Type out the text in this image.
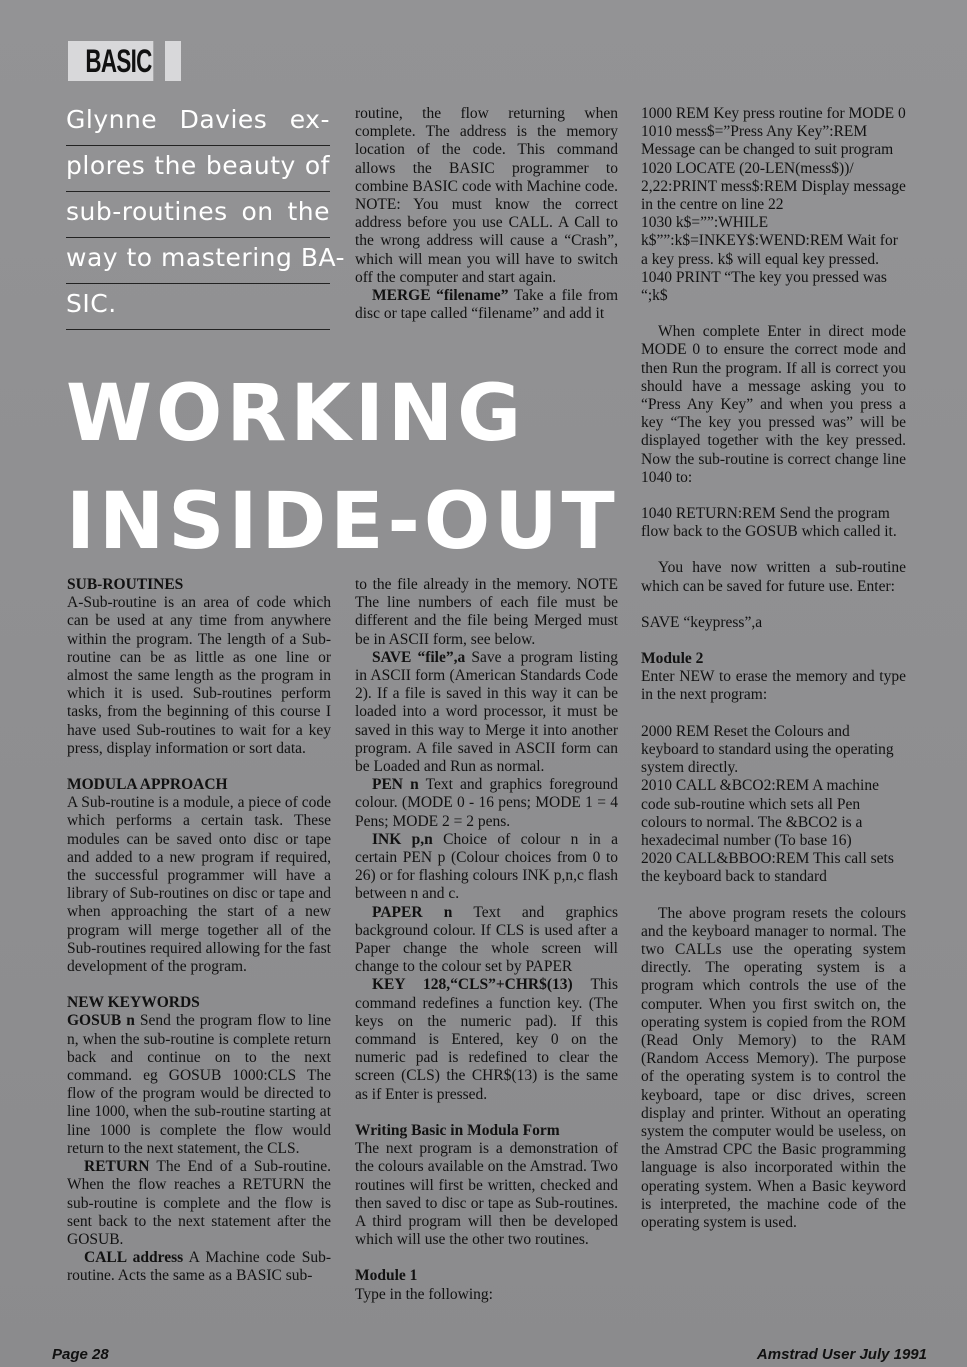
BASIC
Glynne Davies ex-
plores the beauty of
sub-routines on the
way to mastering BA-
SIC.
WORKING
INSIDE-OUT
SUB-ROUTINES

A-Sub-routine is an area of code which can be used at any time from anywhere within the program. The length of a Sub-routine can be as little as one line or almost the same length as the program in which it is used. Sub-routines perform tasks, from the beginning of this course I have used Sub-routines to wait for a key press, display information or sort data.

MODULA APPROACH

A Sub-routine is a module, a piece of code which performs a certain task. These modules can be saved onto disc or tape and added to a new program if required, the successful programmer will have a library of Sub-routines on disc or tape and when approaching the start of a new program will merge together all of the Sub-routines required allowing for the fast development of the program.

NEW KEYWORDS

GOSUB n Send the program flow to line n, when the sub-routine is complete return back and continue on to the next command. eg GOSUB 1000:CLS The flow of the program would be directed to line 1000, when the sub-routine starting at line 1000 is complete the flow would return to the next statement, the CLS.

RETURN The End of a Sub-routine. When the flow reaches a RETURN the sub-routine is complete and the flow is sent back to the next statement after the GOSUB.

CALL address A Machine code Sub-routine. Acts the same as a BASIC sub-

routine, the flow returning when complete. The address is the memory location of the code. This command allows the BASIC programmer to combine BASIC code with Machine code. NOTE: You must know the correct address before you use CALL. A Call to the wrong address will cause a “Crash”, which will mean you will have to switch off the computer and start again.

MERGE “filename” Take a file from disc or tape called “filename” and add it

to the file already in the memory. NOTE The line numbers of each file must be different and the file being Merged must be in ASCII form, see below.

SAVE “file”,a Save a program listing in ASCII form (American Standards Code 2). If a file is saved in this way it can be loaded into a word processor, it must be saved in this way to Merge it into another program. A file saved in ASCII form can be Loaded and Run as normal.

PEN n Text and graphics foreground colour. (MODE 0 - 16 pens; MODE 1 = 4 Pens; MODE 2 = 2 pens.

INK p,n Choice of colour n in a certain PEN p (Colour choices from 0 to 26) or for flashing colours INK p,n,c flash between n and c.

PAPER n Text and graphics background colour. If CLS is used after a Paper change the whole screen will change to the colour set by PAPER

KEY 128,“CLS”+CHR$(13) This command redefines a function key. (The keys on the numeric pad). If this command is Entered, key 0 on the numeric pad is redefined to clear the screen (CLS) the CHR$(13) is the same as if Enter is pressed.

Writing Basic in Modula Form

The next program is a demonstration of the colours available on the Amstrad. Two routines will first be written, checked and then saved to disc or tape as Sub-routines. A third program will then be developed which will use the other two routines.

Module 1

Type in the following:

1000 REM Key press routine for MODE 0

1010 mess$=”Press Any Key”:REM Message can be changed to suit program

1020 LOCATE (20-LEN(mess$))/ 2,22:PRINT mess$:REM Display message in the centre on line 22

1030 k$=””:WHILE k$””:k$=INKEY$:WEND:REM Wait for a key press. k$ will equal key pressed.

1040 PRINT “The key you pressed was “;k$

When complete Enter in direct mode MODE 0 to ensure the correct mode and then Run the program. If all is correct you should have a message asking you to “Press Any Key” and when you press a key “The key you pressed was” will be displayed together with the key pressed. Now the sub-routine is correct change line 1040 to:

1040 RETURN:REM Send the program flow back to the GOSUB which called it.

You have now written a sub-routine which can be saved for future use. Enter:

SAVE “keypress”,a

Module 2

Enter NEW to erase the memory and type in the next program:

2000 REM Reset the Colours and keyboard to standard using the operating system directly.

2010 CALL &BCO2:REM A machine code sub-routine which sets all Pen colours to normal. The &BCO2 is a hexadecimal number (To base 16)

2020 CALL&BBOO:REM This call sets the keyboard back to standard

The above program resets the colours and the keyboard manager to normal. The two CALLs use the operating system directly. The operating system is a program which controls the use of the computer. When you first switch on, the operating system is copied from the ROM (Read Only Memory) to the RAM (Random Access Memory). The purpose of the operating system is to control the keyboard, tape or disc drives, screen display and printer. Without an operating system the computer would be useless, on the Amstrad CPC the Basic programming language is also incorporated within the operating system. When a Basic keyword is interpreted, the machine code of the operating system is used.

Page 28	Amstrad User July 1991
